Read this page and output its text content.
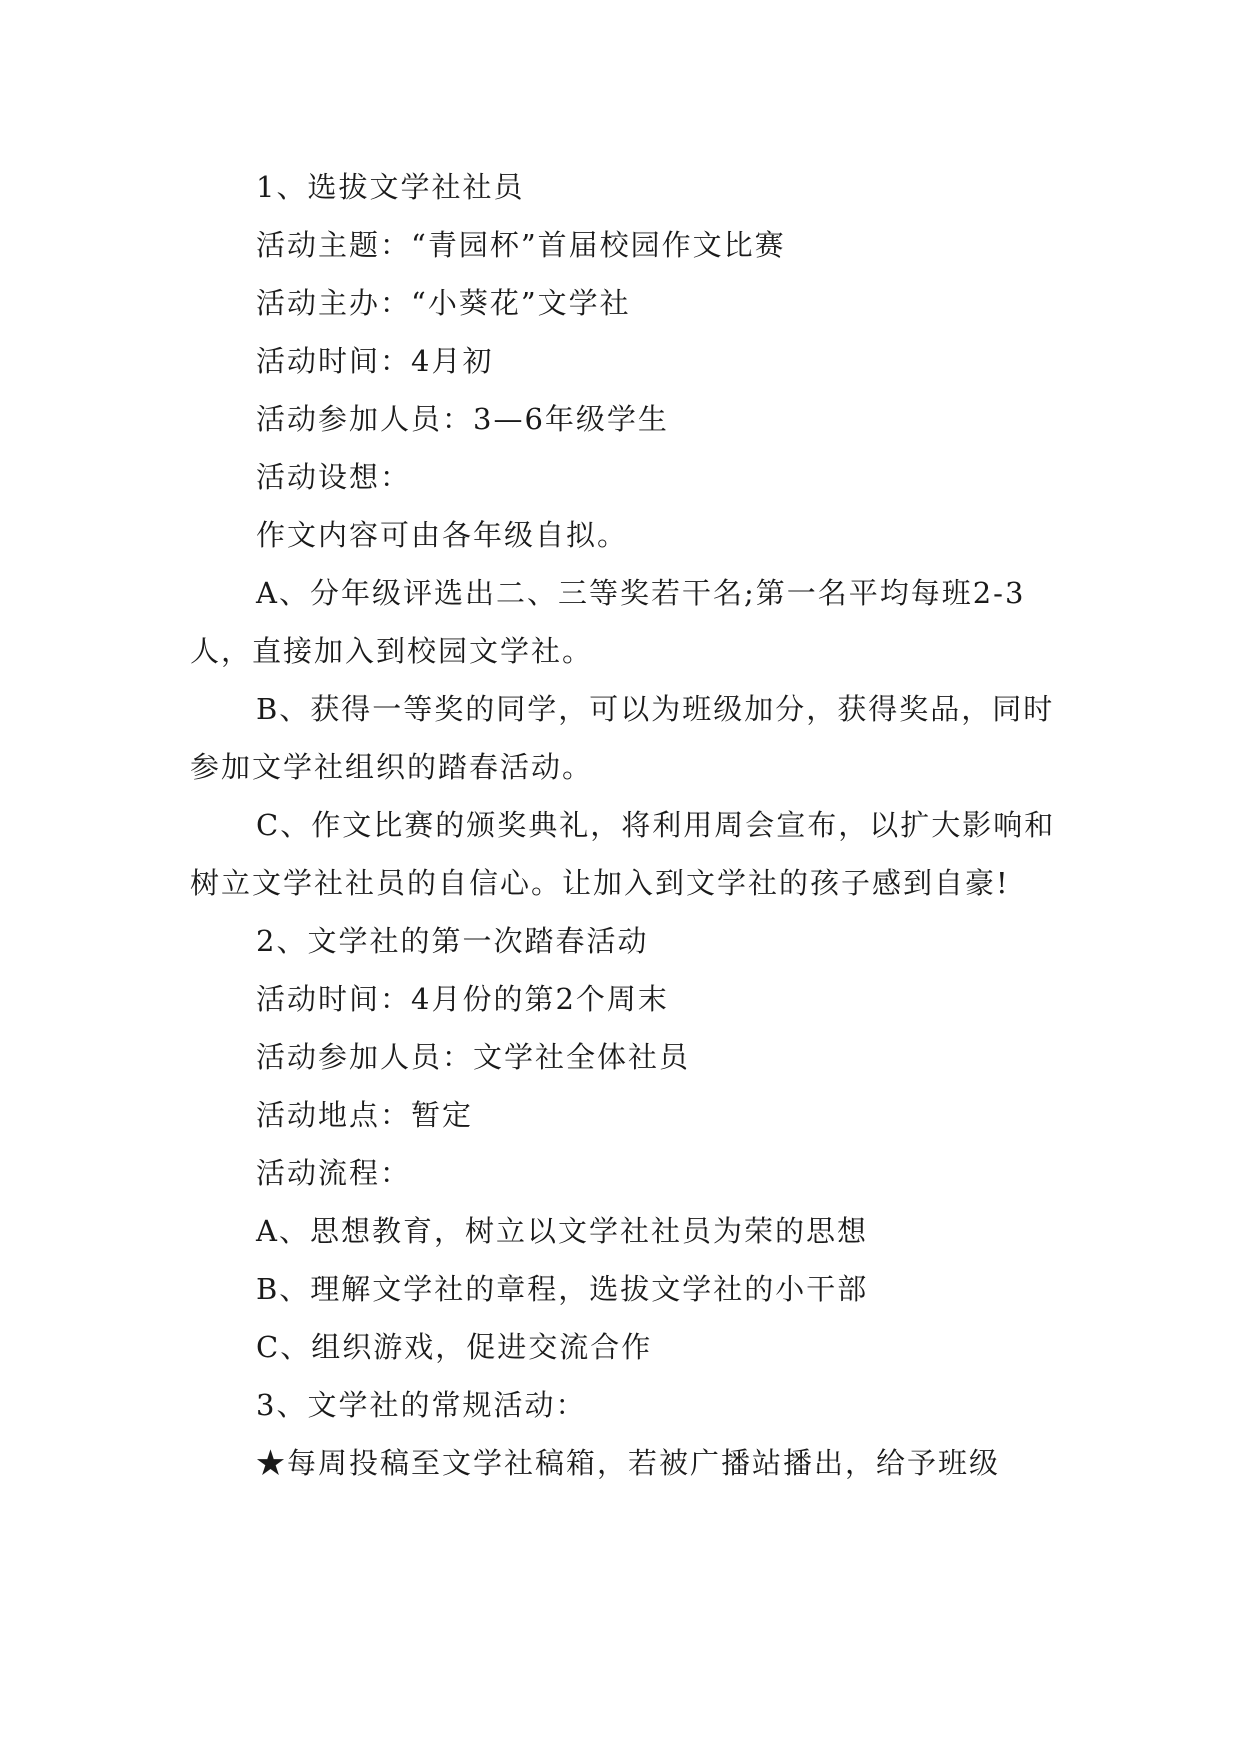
1、选拔文学社社员

活动主题：“青园杯”首届校园作文比赛

活动主办：“小葵花”文学社

活动时间：4月初

活动参加人员：3—6年级学生

活动设想：

作文内容可由各年级自拟。

A、分年级评选出二、三等奖若干名;第一名平均每班2-3人，直接加入到校园文学社。

B、获得一等奖的同学，可以为班级加分，获得奖品，同时参加文学社组织的踏春活动。

C、作文比赛的颁奖典礼，将利用周会宣布，以扩大影响和树立文学社社员的自信心。让加入到文学社的孩子感到自豪!

2、文学社的第一次踏春活动

活动时间：4月份的第2个周末

活动参加人员：文学社全体社员

活动地点：暂定

活动流程：

A、思想教育，树立以文学社社员为荣的思想

B、理解文学社的章程，选拔文学社的小干部

C、组织游戏，促进交流合作

3、文学社的常规活动：

★每周投稿至文学社稿箱，若被广播站播出，给予班级
